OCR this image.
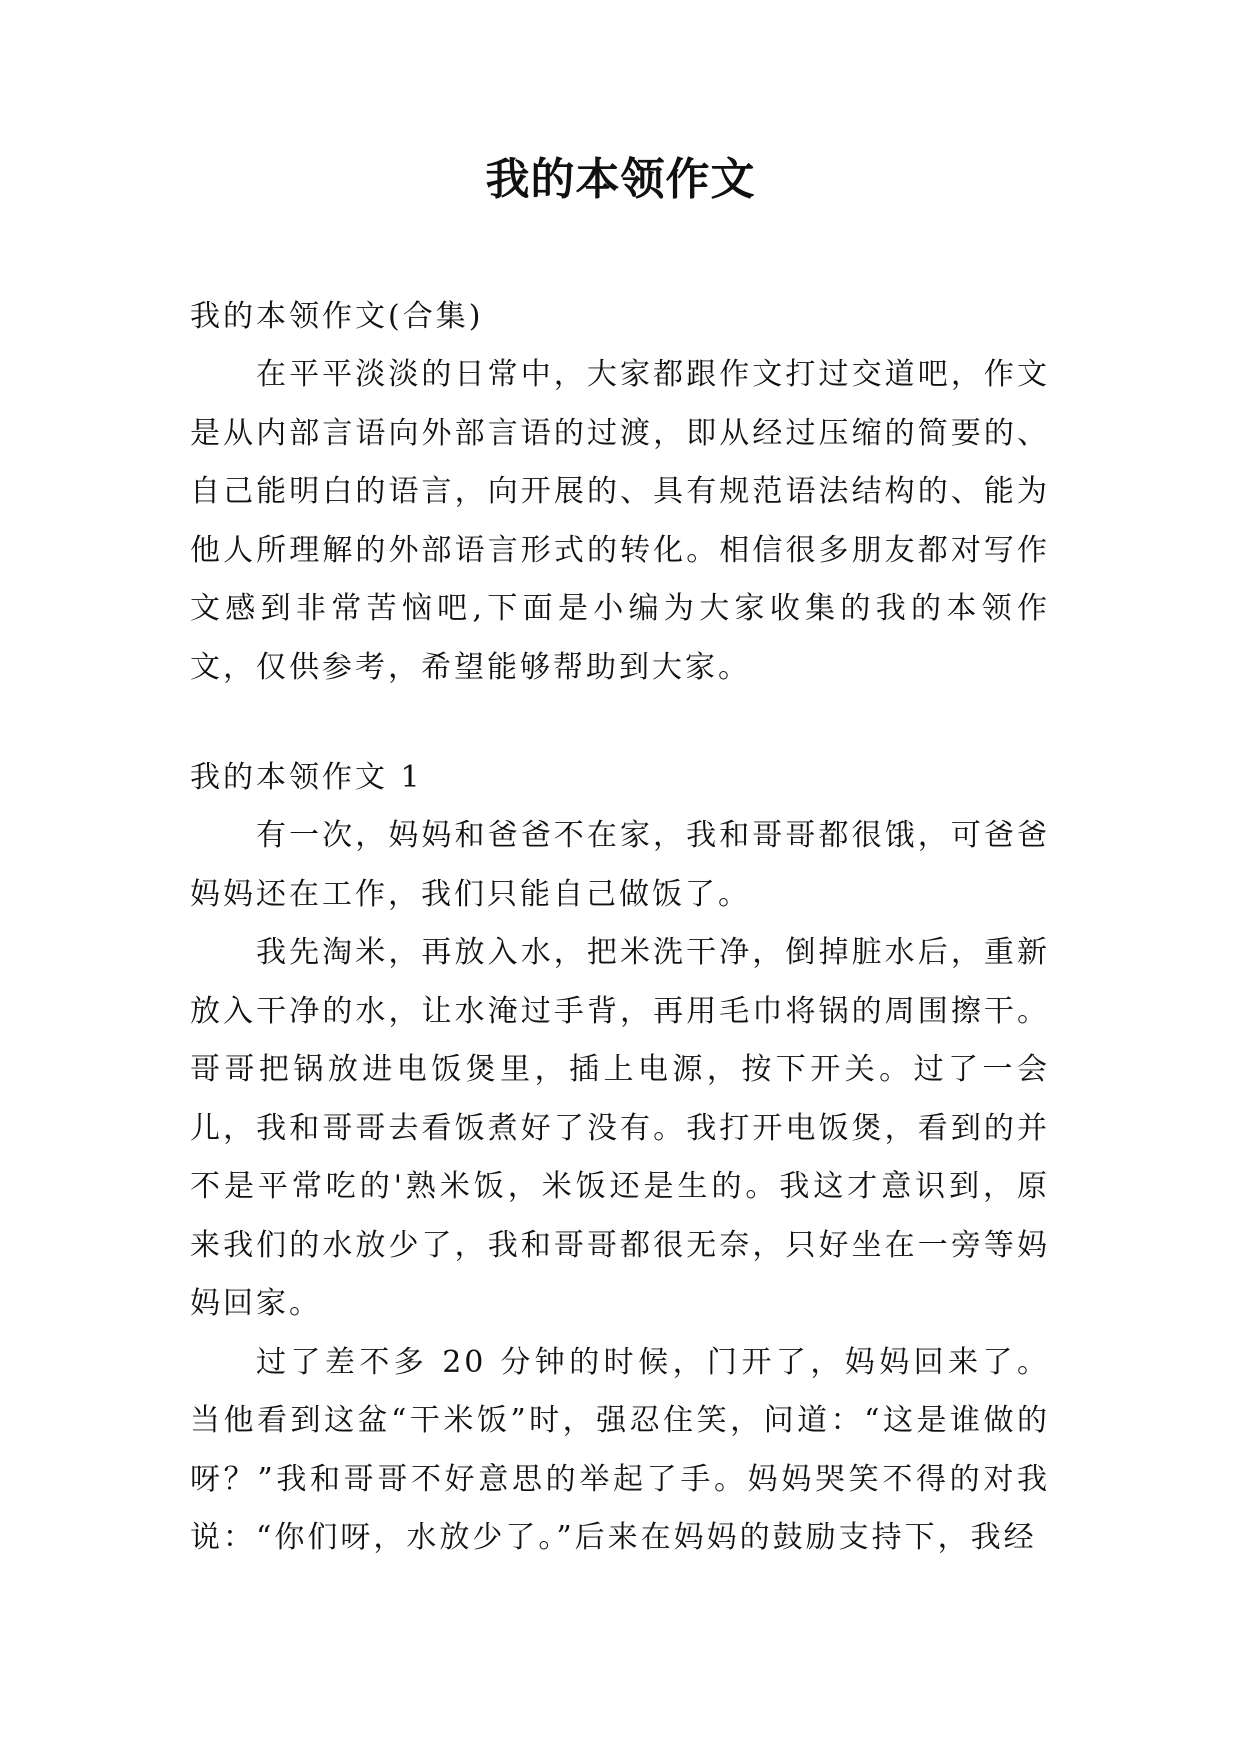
我的本领作文

我的本领作文(合集)

在平平淡淡的日常中，大家都跟作文打过交道吧，作文是从内部言语向外部言语的过渡，即从经过压缩的简要的、自己能明白的语言，向开展的、具有规范语法结构的、能为他人所理解的外部语言形式的转化。相信很多朋友都对写作文感到非常苦恼吧,下面是小编为大家收集的我的本领作文，仅供参考，希望能够帮助到大家。

我的本领作文 1

有一次，妈妈和爸爸不在家，我和哥哥都很饿，可爸爸妈妈还在工作，我们只能自己做饭了。

我先淘米，再放入水，把米洗干净，倒掉脏水后，重新放入干净的水，让水淹过手背，再用毛巾将锅的周围擦干。哥哥把锅放进电饭煲里，插上电源，按下开关。过了一会儿，我和哥哥去看饭煮好了没有。我打开电饭煲，看到的并不是平常吃的'熟米饭，米饭还是生的。我这才意识到，原来我们的水放少了，我和哥哥都很无奈，只好坐在一旁等妈妈回家。

过了差不多 20 分钟的时候，门开了，妈妈回来了。当他看到这盆“干米饭”时，强忍住笑，问道：“这是谁做的呀？”我和哥哥不好意思的举起了手。妈妈哭笑不得的对我说：“你们呀，水放少了。”后来在妈妈的鼓励支持下，我经
